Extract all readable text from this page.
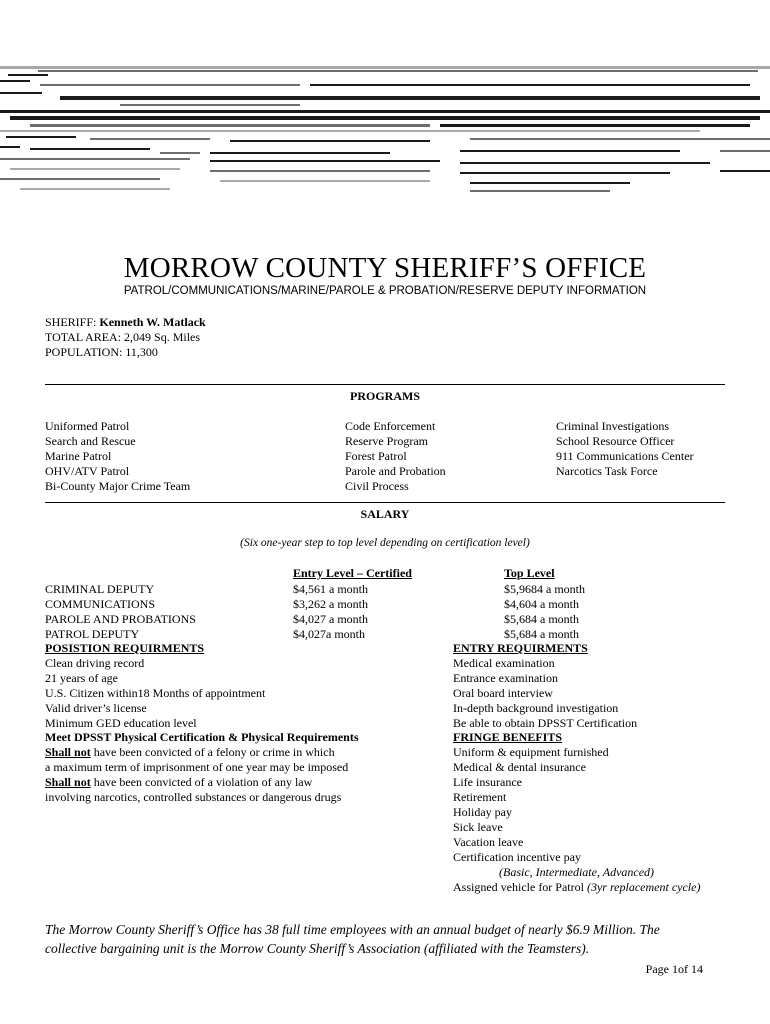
MORROW COUNTY SHERIFF’S OFFICE
PATROL/COMMUNICATIONS/MARINE/PAROLE & PROBATION/RESERVE DEPUTY INFORMATION
SHERIFF: Kenneth W. Matlack
TOTAL AREA: 2,049 Sq. Miles
POPULATION: 11,300
PROGRAMS
Uniformed Patrol
Search and Rescue
Marine Patrol
OHV/ATV Patrol
Bi-County Major Crime Team
Code Enforcement
Reserve Program
Forest Patrol
Parole and Probation
Civil Process
Criminal Investigations
School Resource Officer
911 Communications Center
Narcotics Task Force
SALARY
(Six one-year step to top level depending on certification level)
Entry Level – Certified	Top Level
CRIMINAL DEPUTY
COMMUNICATIONS
PAROLE AND PROBATIONS
PATROL DEPUTY
$4,561 a month
$3,262 a month
$4,027 a month
$4,027a month
$5,9684 a month
$4,604 a month
$5,684 a month
$5,684 a month
POSISTION REQUIRMENTS
Clean driving record
21 years of age
U.S. Citizen within18 Months of appointment
Valid driver’s license
Minimum GED education level
Meet DPSST Physical Certification & Physical Requirements
Shall not have been convicted of a felony or crime in which
a maximum term of imprisonment of one year may be imposed
Shall not have been convicted of a violation of any law
involving narcotics, controlled substances or dangerous drugs
ENTRY REQUIRMENTS
Medical examination
Entrance examination
Oral board interview
In-depth background investigation
Be able to obtain DPSST Certification
FRINGE BENEFITS
Uniform & equipment furnished
Medical & dental insurance
Life insurance
Retirement
Holiday pay
Sick leave
Vacation leave
Certification incentive pay
(Basic, Intermediate, Advanced)
Assigned vehicle for Patrol (3yr replacement cycle)
The Morrow County Sheriff’s Office has 38 full time employees with an annual budget of nearly $6.9 Million. The collective bargaining unit is the Morrow County Sheriff’s Association (affiliated with the Teamsters).
Page 1of 14
